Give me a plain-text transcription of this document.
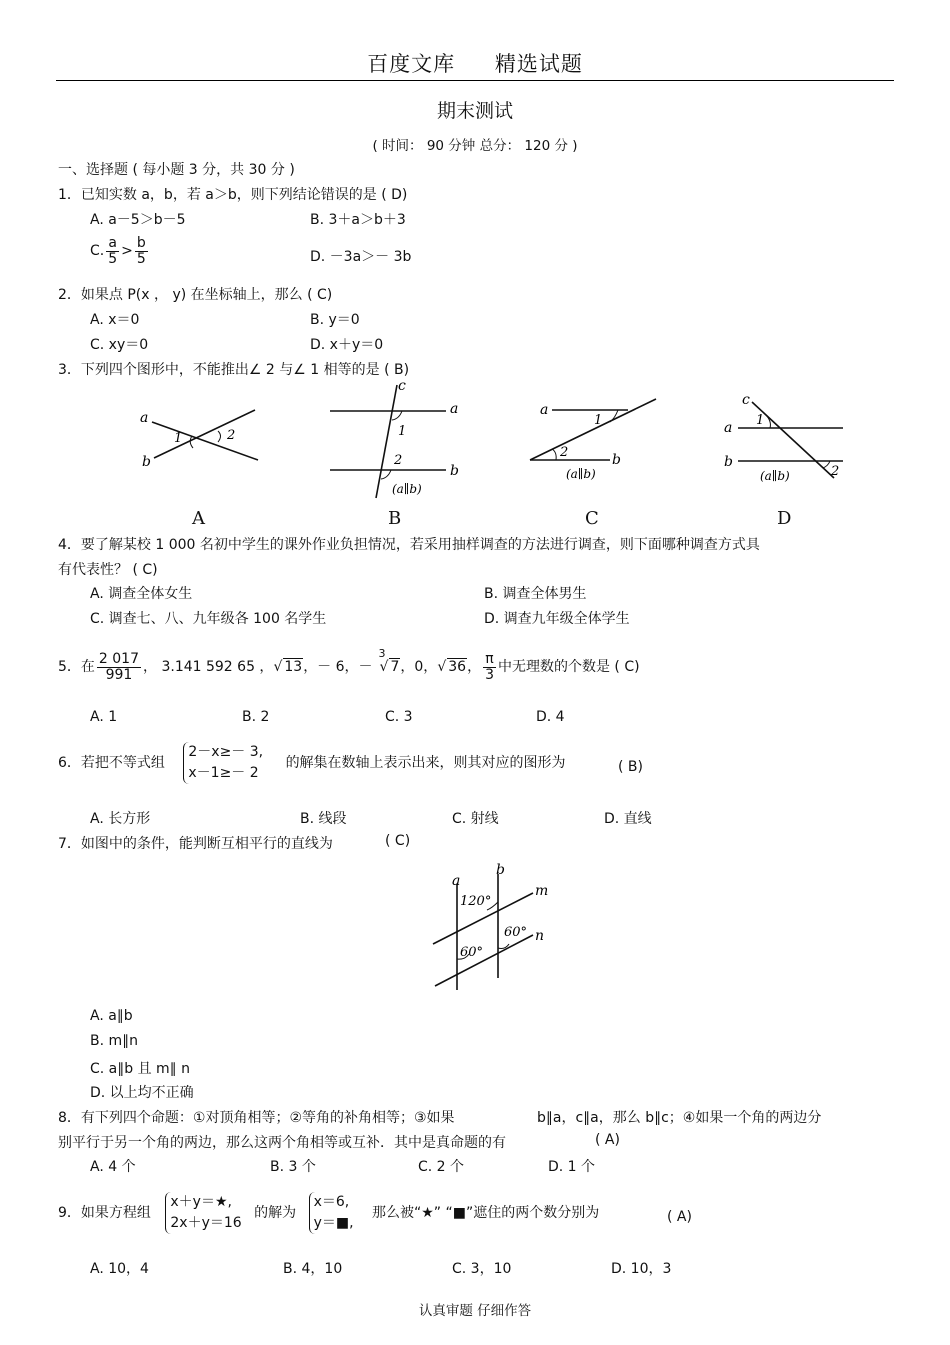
百度文库 精选试题
期末测试
( 时间： 90 分钟 总分： 120 分 )
一、选择题 ( 每小题 3 分，共 30 分 )
1．已知实数 a，b，若 a＞b，则下列结论错误的是 ( D)
A. a－5＞b－5	B. 3＋a＞b＋3
C. $\frac{a}{5} > \frac{b}{5}$	D. －3a＞－ 3b
2．如果点 P(x ， y) 在坐标轴上，那么 ( C)
A. x＝0	B. y＝0
C. xy＝0	D. x＋y＝0
3．下列四个图形中，不能推出∠ 2 与∠ 1 相等的是 ( B)
a
b
1	2
c
a
b
1
2
(a∥b)
a
b
1
2
(a∥b)
c
a
b
1
2
(a∥b)
A	B	C	D
4．要了解某校 1 000 名初中学生的课外作业负担情况，若采用抽样调查的方法进行调查，则下面哪种调查方式具
有代表性？ ( C)
A. 调查全体女生	B. 调查全体男生
C. 调查七、八、九年级各 100 名学生	D. 调查九年级全体学生
5．在 $\frac{2 017}{991}$ ， 3.141 592 65 ，√ 13，－ 6，－$^3$√ 7，0，√ 36， $\frac{\pi}{3}$ 中无理数的个数是 ( C)
A. 1	B. 2	C. 3	D. 4
6．若把不等式组
2－x≥－ 3,
x－1≥－ 2
的解集在数轴上表示出来，则其对应的图形为	( B)
A. 长方形	B. 线段	C. 射线	D. 直线
7．如图中的条件，能判断互相平行的直线为	( C)
a
b
m
n
120°
60°
60°
A. a∥b
B. m∥n
C. a∥b 且 m∥ n
D. 以上均不正确
8．有下列四个命题：①对顶角相等；②等角的补角相等；③如果	b∥a，c∥a，那么 b∥c；④如果一个角的两边分
别平行于另一个角的两边，那么这两个角相等或互补．其中是真命题的有	( A)
A. 4 个	B. 3 个	C. 2 个	D. 1 个
9．如果方程组
x＋y＝★,
2x＋y＝16
的解为
x＝6,
y＝■,
那么被“★” “■”遮住的两个数分别为	( A)
A. 10，4	B. 4，10	C. 3，10	D. 10，3
认真审题 仔细作答
